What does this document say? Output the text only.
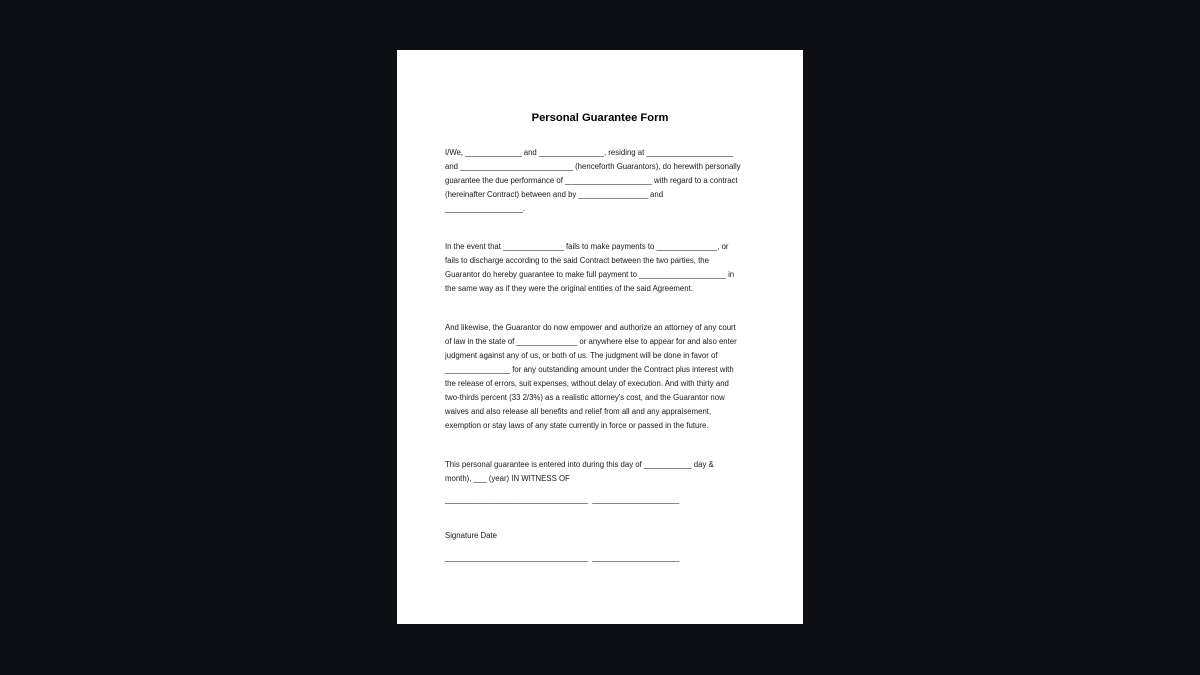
Personal Guarantee Form
I/We, _____________ and _______________, residing at ____________________
and __________________________ (henceforth Guarantors), do herewith personally
guarantee the due performance of ____________________ with regard to a contract
(hereinafter Contract) between and by ________________ and
__________________.
In the event that ______________ fails to make payments to ______________, or
fails to discharge according to the said Contract between the two parties, the
Guarantor do hereby guarantee to make full payment to ____________________ in
the same way as if they were the original entities of the said Agreement.
And likewise, the Guarantor do now empower and authorize an attorney of any court
of law in the state of ______________ or anywhere else to appear for and also enter
judgment against any of us, or both of us. The judgment will be done in favor of
_______________ for any outstanding amount under the Contract plus interest with
the release of errors, suit expenses, without delay of execution. And with thirty and
two-thirds percent (33 2/3%) as a realistic attorney's cost, and the Guarantor now
waives and also release all benefits and relief from all and any appraisement,
exemption or stay laws of any state currently in force or passed in the future.
This personal guarantee is entered into during this day of ___________ day &
month), ___ (year) IN WITNESS OF
_________________________________  ____________________
Signature Date
_________________________________  ____________________
